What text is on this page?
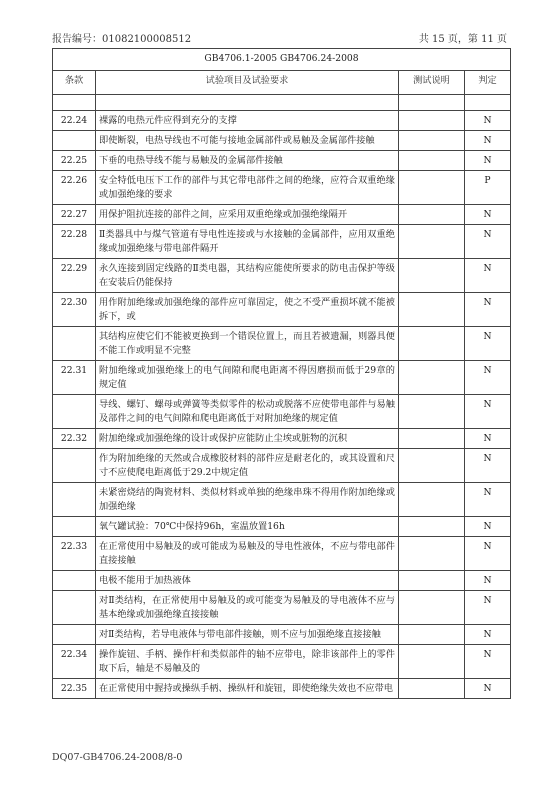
报告编号：01082100008512	共 15 页，第 11 页
GB4706.1-2005 GB4706.24-2008			
条款	试验项目及试验要求	测试说明	判定

22.24	裸露的电热元件应得到充分的支撑		N
	即使断裂，电热导线也不可能与接地金属部件或易触及金属部件接触		N
22.25	下垂的电热导线不能与易触及的金属部件接触		N
22.26	安全特低电压下工作的部件与其它带电部件之间的绝缘，应符合双重绝缘或加强绝缘的要求		P
22.27	用保护阻抗连接的部件之间，应采用双重绝缘或加强绝缘隔开		N
22.28	Ⅱ类器具中与煤气管道有导电性连接或与水接触的金属部件，应用双重绝缘或加强绝缘与带电部件隔开		N
22.29	永久连接到固定线路的Ⅱ类电器，其结构应能使所要求的防电击保护等级在安装后仍能保持		N
22.30	用作附加绝缘或加强绝缘的部件应可靠固定，使之不受严重损坏就不能被拆下，或		N
	其结构应使它们不能被更换到一个错误位置上，而且若被遗漏，则器具便不能工作或明显不完整		N
22.31	附加绝缘或加强绝缘上的电气间隙和爬电距离不得因磨损而低于29章的规定值		N
	导线、螺钉、螺母或弹簧等类似零件的松动或脱落不应使带电部件与易触及部件之间的电气间隙和爬电距离低于对附加绝缘的规定值		N
22.32	附加绝缘或加强绝缘的设计或保护应能防止尘埃或脏物的沉积		N
	作为附加绝缘的天然或合成橡胶材料的部件应是耐老化的，或其设置和尺寸不应使爬电距离低于29.2中规定值		N
	未紧密烧结的陶瓷材料、类似材料或单独的绝缘串珠不得用作附加绝缘或加强绝缘		N
	氧气罐试验：70℃中保持96h，室温放置16h		N
22.33	在正常使用中易触及的或可能成为易触及的导电性液体，不应与带电部件直接接触		N
	电极不能用于加热液体		N
	对Ⅱ类结构，在正常使用中易触及的或可能变为易触及的导电液体不应与基本绝缘或加强绝缘直接接触		N
	对Ⅱ类结构，若导电液体与带电部件接触，则不应与加强绝缘直接接触		N
22.34	操作旋钮、手柄、操作杆和类似部件的轴不应带电，除非该部件上的零件取下后，轴是不易触及的		N
22.35	在正常使用中握持或操纵手柄、操纵杆和旋钮，即使绝缘失效也不应带电		N
DQ07-GB4706.24-2008/8-0
